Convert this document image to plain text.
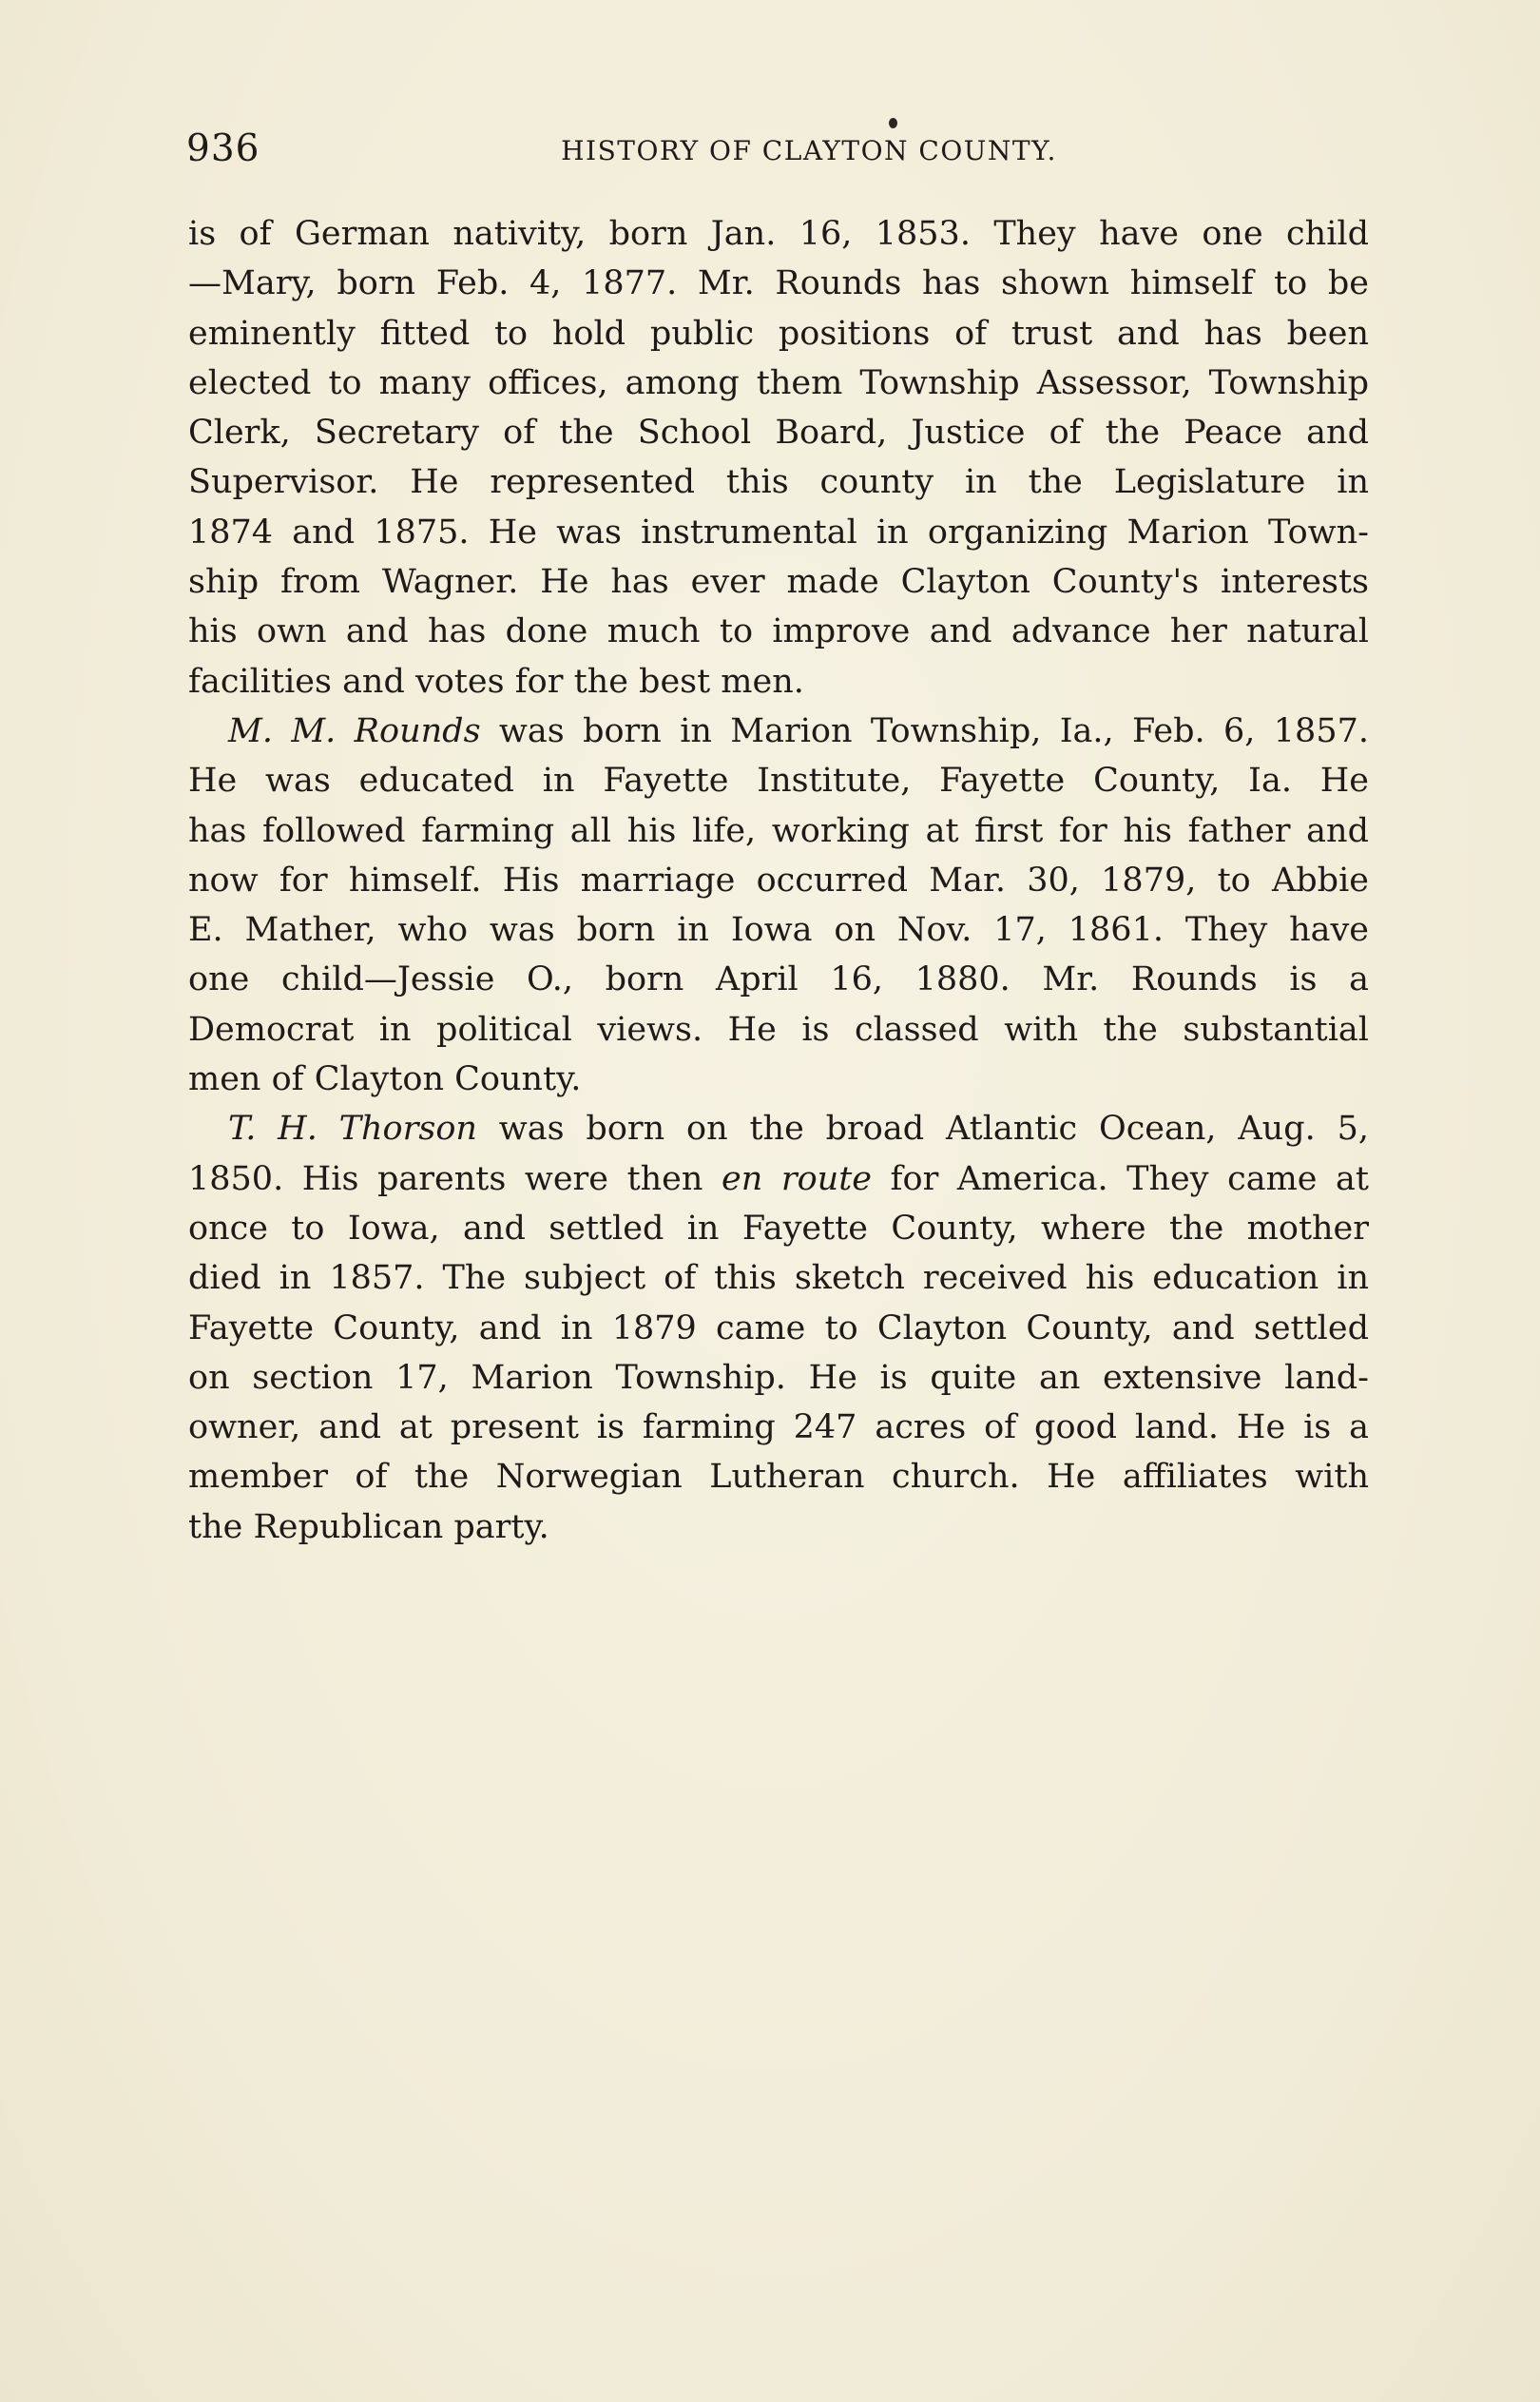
936	HISTORY OF CLAYTON COUNTY.
is of German nativity, born Jan. 16, 1853. They have one child
—Mary, born Feb. 4, 1877. Mr. Rounds has shown himself to be
eminently fitted to hold public positions of trust and has been
elected to many offices, among them Township Assessor, Township
Clerk, Secretary of the School Board, Justice of the Peace and
Supervisor. He represented this county in the Legislature in
1874 and 1875. He was instrumental in organizing Marion Town-
ship from Wagner. He has ever made Clayton County's interests
his own and has done much to improve and advance her natural
facilities and votes for the best men.
M. M. Rounds was born in Marion Township, Ia., Feb. 6, 1857.
He was educated in Fayette Institute, Fayette County, Ia. He
has followed farming all his life, working at first for his father and
now for himself. His marriage occurred Mar. 30, 1879, to Abbie
E. Mather, who was born in Iowa on Nov. 17, 1861. They have
one child—Jessie O., born April 16, 1880. Mr. Rounds is a
Democrat in political views. He is classed with the substantial
men of Clayton County.
T. H. Thorson was born on the broad Atlantic Ocean, Aug. 5,
1850. His parents were then en route for America. They came at
once to Iowa, and settled in Fayette County, where the mother
died in 1857. The subject of this sketch received his education in
Fayette County, and in 1879 came to Clayton County, and settled
on section 17, Marion Township. He is quite an extensive land-
owner, and at present is farming 247 acres of good land. He is a
member of the Norwegian Lutheran church. He affiliates with
the Republican party.
